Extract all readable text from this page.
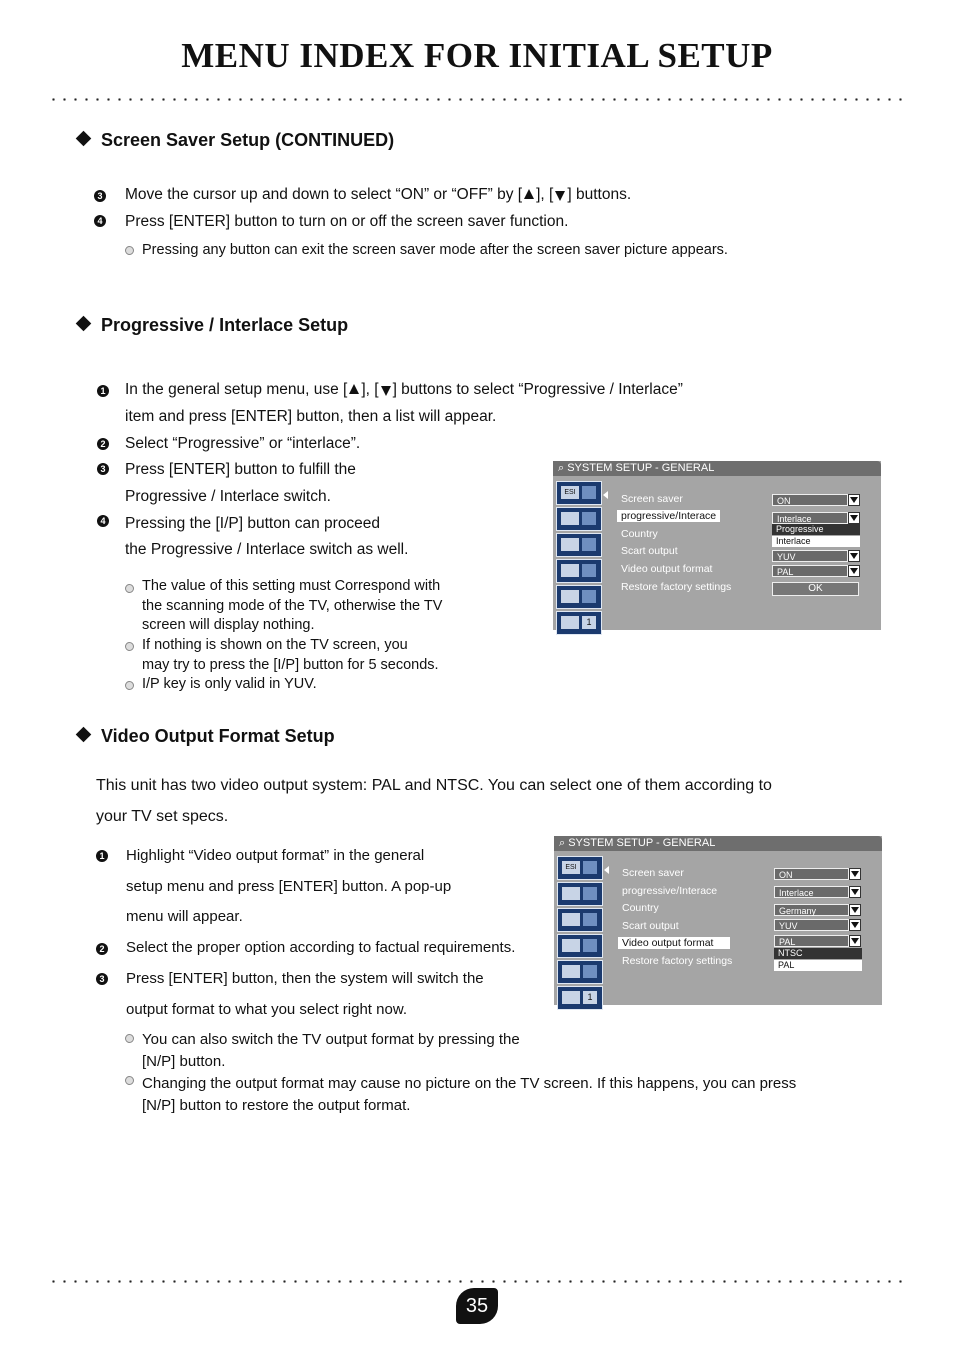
MENU INDEX FOR INITIAL SETUP
Screen Saver Setup (CONTINUED)
3 Move the cursor up and down to select “ON” or “OFF” by [ ], [ ] buttons.
4 Press [ENTER] button to turn on or off the screen saver function.
Pressing any button can exit the screen saver mode after the screen saver picture appears.
Progressive / Interlace Setup
1 In the general setup menu, use [ ], [ ] buttons to select “Progressive / Interlace”
item and press [ENTER] button, then a list will appear.
2 Select “Progressive” or “interlace”.
3 Press [ENTER] button to fulfill the
Progressive / Interlace switch.
4 Pressing the [I/P] button can proceed
the Progressive / Interlace switch as well.
The value of this setting must Correspond with
the scanning mode of the TV, otherwise the TV
screen will display nothing.
If nothing is shown on the TV screen, you
may try to press the [I/P] button for 5 seconds.
I/P key is only valid in YUV.
⌕ SYSTEM SETUP - GENERAL
ESI
1
Screen saver
progressive/Interace
Country
Scart output
Video output format
Restore factory settings
ON
Interlace
Progressive
Interlace
YUV
PAL
OK
Video Output Format Setup
This unit has two video output system: PAL and NTSC. You can select one of them according to
your TV set specs.
1 Highlight “Video output format” in the general
setup menu and press [ENTER] button. A pop-up
menu will appear.
2 Select the proper option according to factual requirements.
3 Press [ENTER] button, then the system will switch the
output format to what you select right now.
You can also switch the TV output format by pressing the
[N/P] button.
Changing the output format may cause no picture on the TV screen. If this happens, you can press
[N/P] button to restore the output format.
⌕ SYSTEM SETUP - GENERAL
ESI
1
Screen saver
progressive/Interace
Country
Scart output
Video output format
Restore factory settings
ON
Interlace
Germany
YUV
PAL
NTSC
PAL
35
